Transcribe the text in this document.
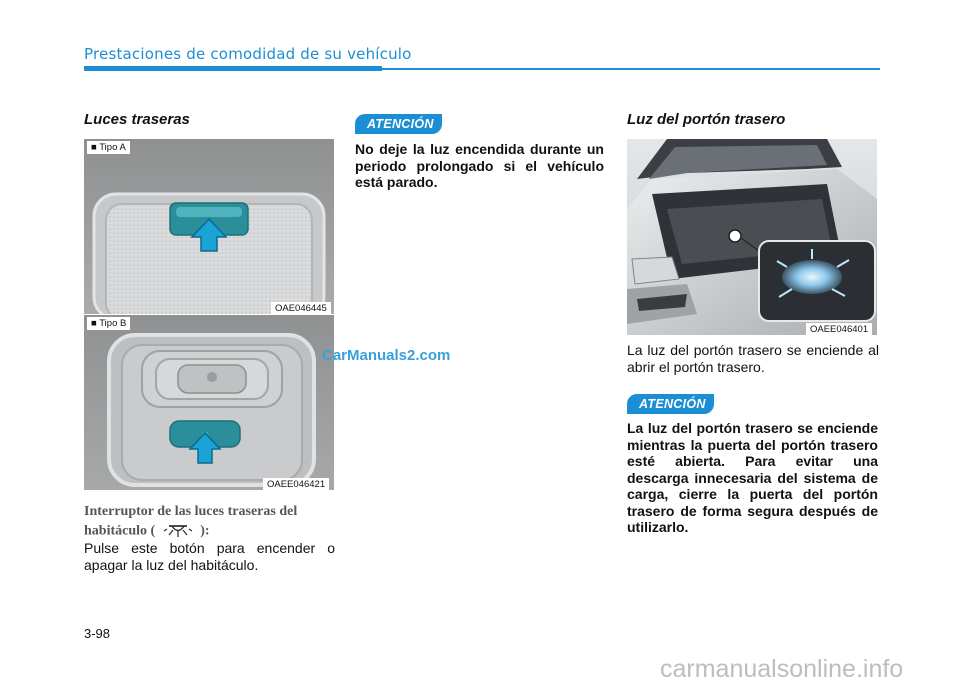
Prestaciones de comodidad de su vehículo
Luces traseras
■ Tipo A
OAE046445
■ Tipo B
OAEE046421
Interruptor de las luces traseras del
habitáculo (	):
Pulse este botón para encender o apagar la luz del habitáculo.
ATENCIÓN
No deje la luz encendida durante un periodo prolongado si el vehículo está parado.
CarManuals2.com
Luz del portón trasero
OAEE046401
La luz del portón trasero se enciende al abrir el portón trasero.
ATENCIÓN
La luz del portón trasero se enciende mientras la puerta del portón trasero esté abierta. Para evitar una descarga innecesaria del sistema de carga, cierre la puerta del portón trasero de forma segura después de utilizarlo.
3-98
carmanualsonline.info
